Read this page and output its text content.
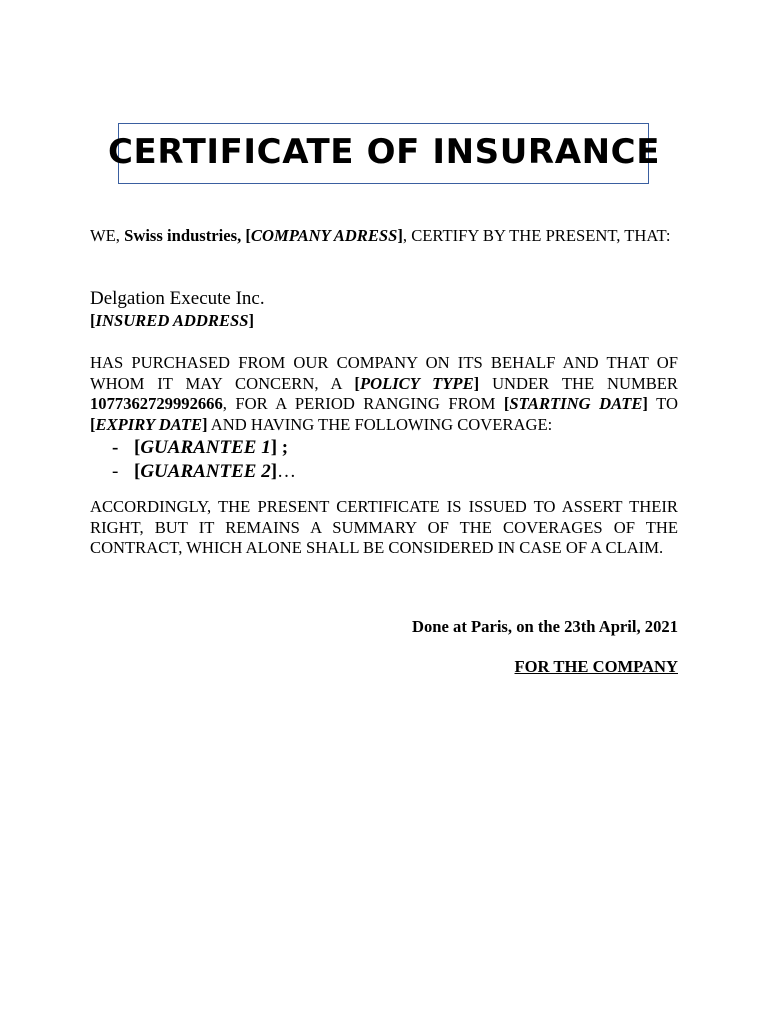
CERTIFICATE OF INSURANCE
WE, Swiss industries, [COMPANY ADRESS], CERTIFY BY THE PRESENT, THAT:
Delgation Execute Inc.
[INSURED ADDRESS]
HAS PURCHASED FROM OUR COMPANY ON ITS BEHALF AND THAT OF WHOM IT MAY CONCERN, A [POLICY TYPE] UNDER THE NUMBER 1077362729992666, FOR A PERIOD RANGING FROM [STARTING DATE] TO [EXPIRY DATE] AND HAVING THE FOLLOWING COVERAGE:
- [GUARANTEE 1] ;
- [GUARANTEE 2]…
ACCORDINGLY, THE PRESENT CERTIFICATE IS ISSUED TO ASSERT THEIR RIGHT, BUT IT REMAINS A SUMMARY OF THE COVERAGES OF THE CONTRACT, WHICH ALONE SHALL BE CONSIDERED IN CASE OF A CLAIM.
Done at Paris, on the 23th April, 2021
FOR THE COMPANY
